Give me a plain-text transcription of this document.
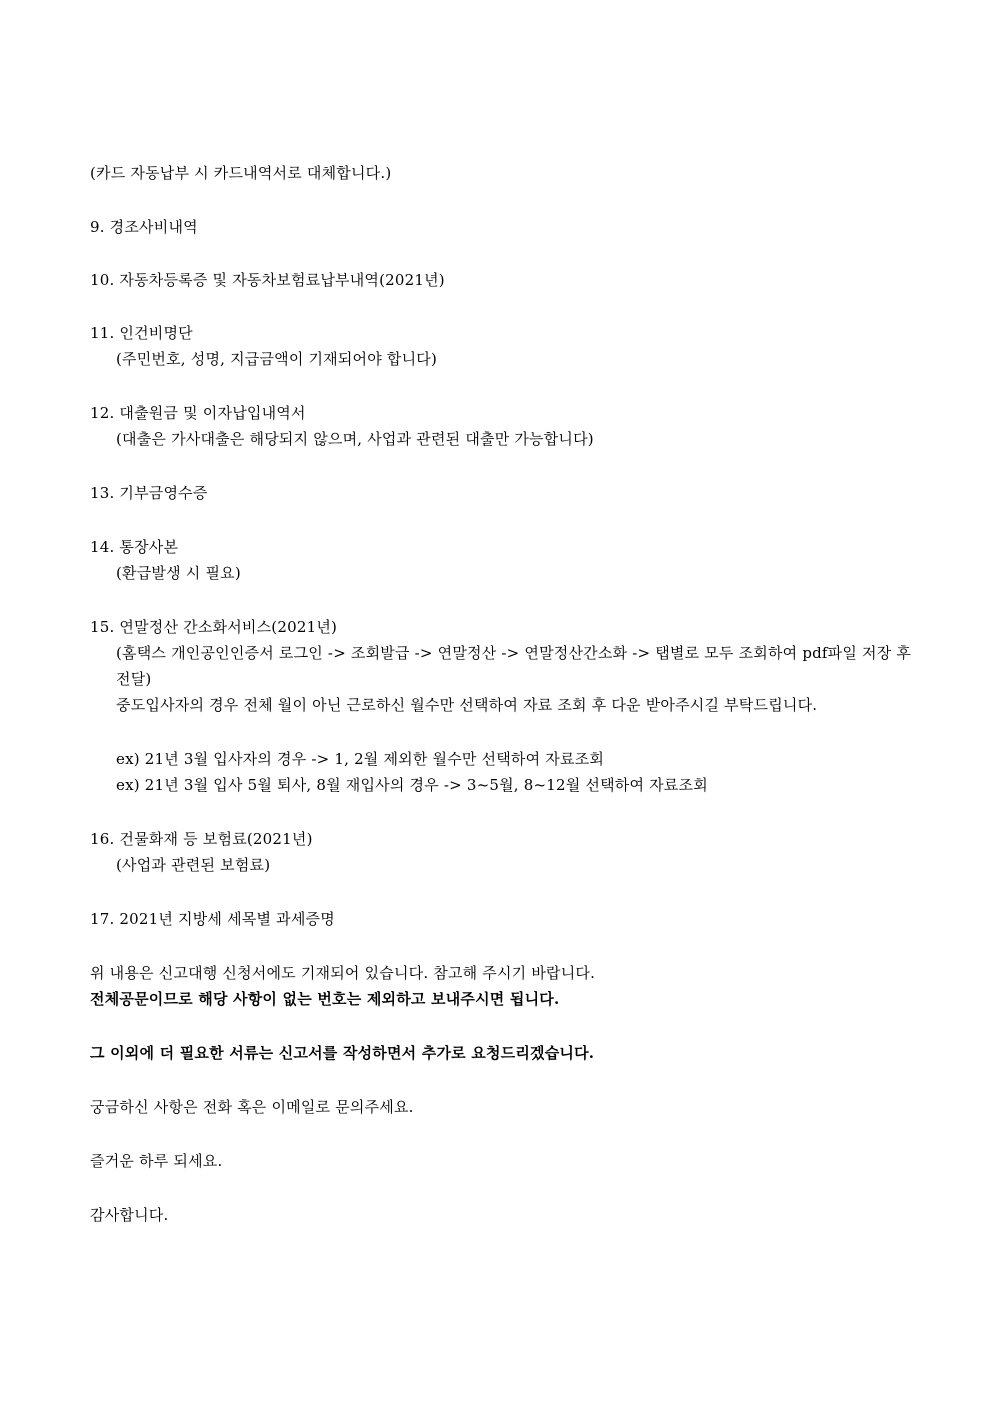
(카드 자동납부 시 카드내역서로 대체합니다.)
9. 경조사비내역
10. 자동차등록증 및 자동차보험료납부내역(2021년)
11. 인건비명단
(주민번호, 성명, 지급금액이 기재되어야 합니다)
12. 대출원금 및 이자납입내역서
(대출은 가사대출은 해당되지 않으며, 사업과 관련된 대출만 가능합니다)
13. 기부금영수증
14. 통장사본
(환급발생 시 필요)
15. 연말정산 간소화서비스(2021년)
(홈택스 개인공인인증서 로그인 -> 조회발급 -> 연말정산 -> 연말정산간소화 -> 탭별로 모두 조회하여 pdf파일 저장 후 전달)
중도입사자의 경우 전체 월이 아닌 근로하신 월수만 선택하여 자료 조회 후 다운 받아주시길 부탁드립니다.
ex) 21년 3월 입사자의 경우 -> 1, 2월 제외한 월수만 선택하여 자료조회
ex) 21년 3월 입사 5월 퇴사, 8월 재입사의 경우 -> 3~5월, 8~12월 선택하여 자료조회
16. 건물화재 등 보험료(2021년)
(사업과 관련된 보험료)
17. 2021년 지방세 세목별 과세증명
위 내용은 신고대행 신청서에도 기재되어 있습니다. 참고해 주시기 바랍니다.
전체공문이므로 해당 사항이 없는 번호는 제외하고 보내주시면 됩니다.
그 이외에 더 필요한 서류는 신고서를 작성하면서 추가로 요청드리겠습니다.
궁금하신 사항은 전화 혹은 이메일로 문의주세요.
즐거운 하루 되세요.
감사합니다.
